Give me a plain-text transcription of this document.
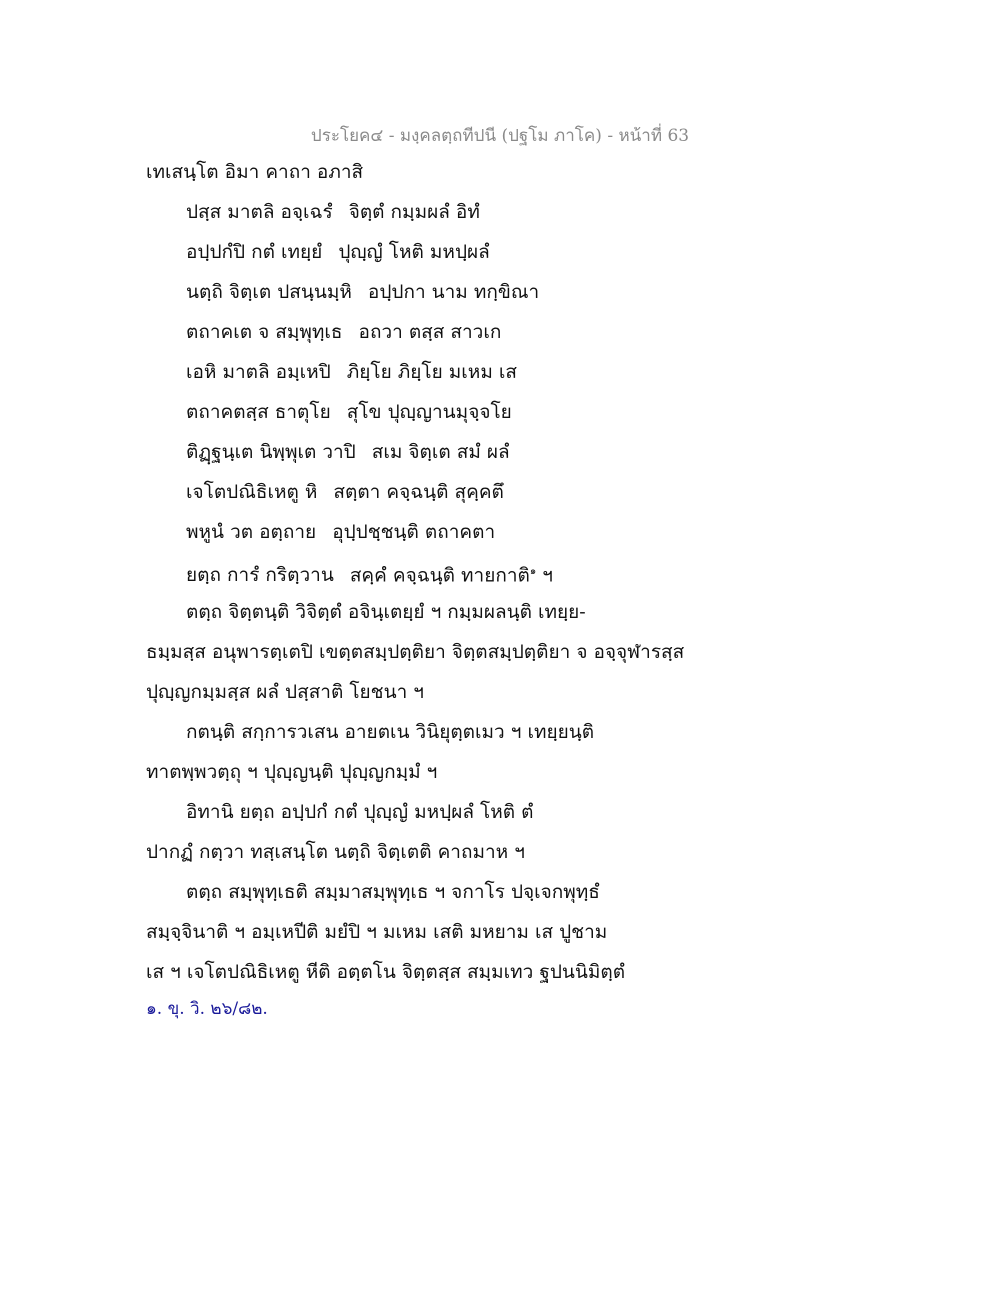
ประโยค๔ - มงฺคลตฺถทีปนี (ปฐโม ภาโค) - หน้าที่ 63
เทเสนฺโต อิมา คาถา อภาสิ
ปสฺส มาตลิ อจฺเฉรํ จิตฺตํ กมฺมผลํ อิทํ
อปฺปกํปิ กตํ เทยฺยํ ปุญฺญํ โหติ มหปฺผลํ
นตฺถิ จิตฺเต ปสนฺนมฺหิ อปฺปกา นาม ทกฺขิณา
ตถาคเต จ สมฺพุทฺเธ อถวา ตสฺส สาวเก
เอหิ มาตลิ อมฺเหปิ ภิยฺโย ภิยฺโย มเหม เส
ตถาคตสฺส ธาตุโย สุโข ปุญฺญานมุจฺจโย
ติฏฺฐนฺเต นิพฺพุเต วาปิ สเม จิตฺเต สมํ ผลํ
เจโตปณิธิเหตู หิ สตฺตา คจฺฉนฺติ สุคฺคตึ
พหูนํ วต อตฺถาย อุปฺปชฺชนฺติ ตถาคตา
ยตฺถ การํ กริตฺวาน สคฺคํ คจฺฉนฺติ ทายกาติ$^๑$ ฯ
ตตฺถ จิตฺตนฺติ วิจิตฺตํ อจินฺเตยฺยํ ฯ กมฺมผลนฺติ เทยฺย-
ธมฺมสฺส อนุพารตฺเตปิ เขตฺตสมฺปตฺติยา จิตฺตสมฺปตฺติยา จ อจฺจุฬารสฺส
ปุญฺญกมฺมสฺส ผลํ ปสฺสาติ โยชนา ฯ
กตนฺติ สกฺการวเสน อายตเน วินิยุตฺตเมว ฯ เทยฺยนฺติ
ทาตพฺพวตฺถุ ฯ ปุญฺญนฺติ ปุญฺญกมฺมํ ฯ
อิทานิ ยตฺถ อปฺปกํ กตํ ปุญฺญํ มหปฺผลํ โหติ ตํ
ปากฏํ กตฺวา ทสฺเสนฺโต นตฺถิ จิตฺเตติ คาถมาห ฯ
ตตฺถ สมฺพุทฺเธติ สมฺมาสมฺพุทฺเธ ฯ จกาโร ปจฺเจกพุทฺธํ
สมฺจฺจินาติ ฯ อมฺเหปีติ มยํปิ ฯ มเหม เสติ มหยาม เส ปูชาม
เส ฯ เจโตปณิธิเหตู หีติ อตฺตโน จิตฺตสฺส สมฺมเทว ฐปนนิมิตฺตํ
๑. ขุ. วิ. ๒๖/๘๒.
